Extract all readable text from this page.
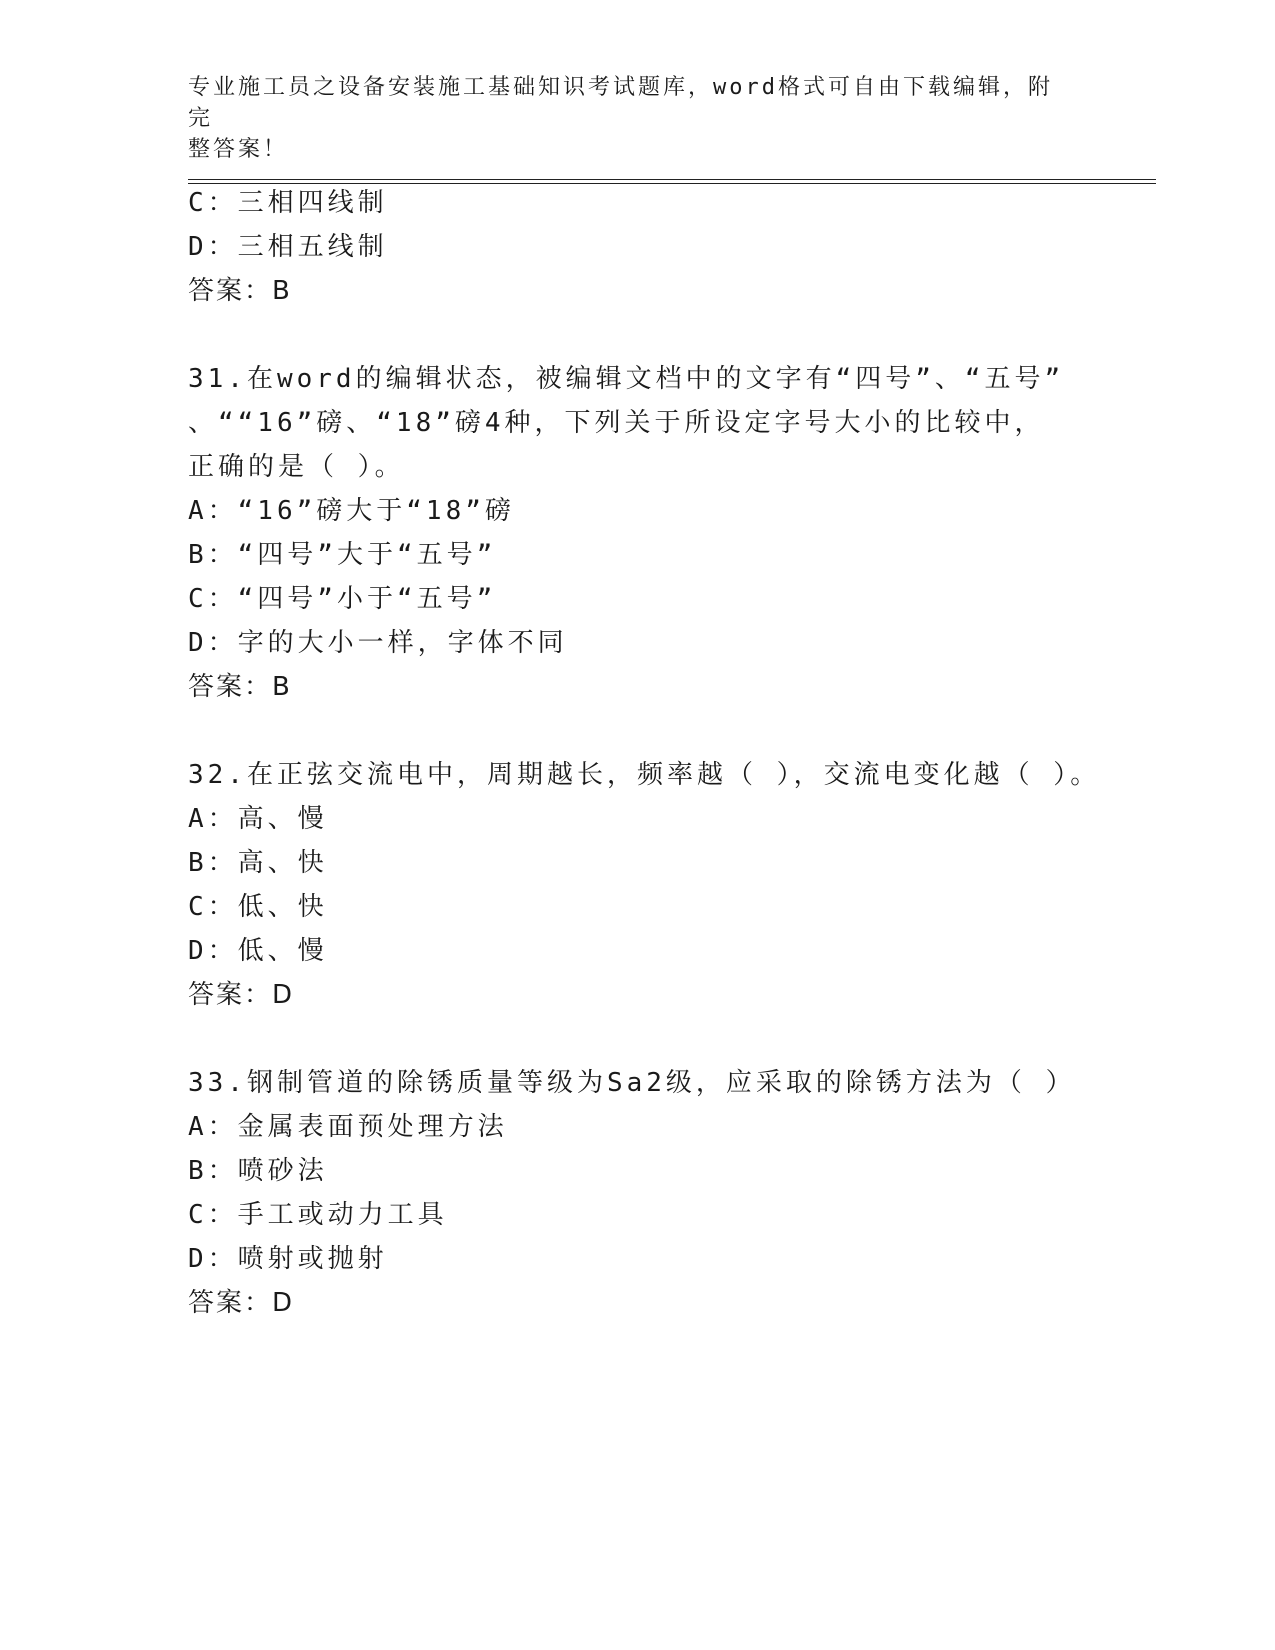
专业施工员之设备安装施工基础知识考试题库，word格式可自由下载编辑，附完
整答案！
C：三相四线制
D：三相五线制
答案：B
31.在word的编辑状态，被编辑文档中的文字有“四号”、“五号”
、““16”磅、“18”磅4种，下列关于所设定字号大小的比较中，
正确的是（ ）。
A：“16”磅大于“18”磅
B：“四号”大于“五号”
C：“四号”小于“五号”
D：字的大小一样，字体不同
答案：B
32.在正弦交流电中，周期越长，频率越（ ），交流电变化越（ ）。
A：高、慢
B：高、快
C：低、快
D：低、慢
答案：D
33.钢制管道的除锈质量等级为Sa2级，应采取的除锈方法为（ ）
A：金属表面预处理方法
B：喷砂法
C：手工或动力工具
D：喷射或抛射
答案：D
